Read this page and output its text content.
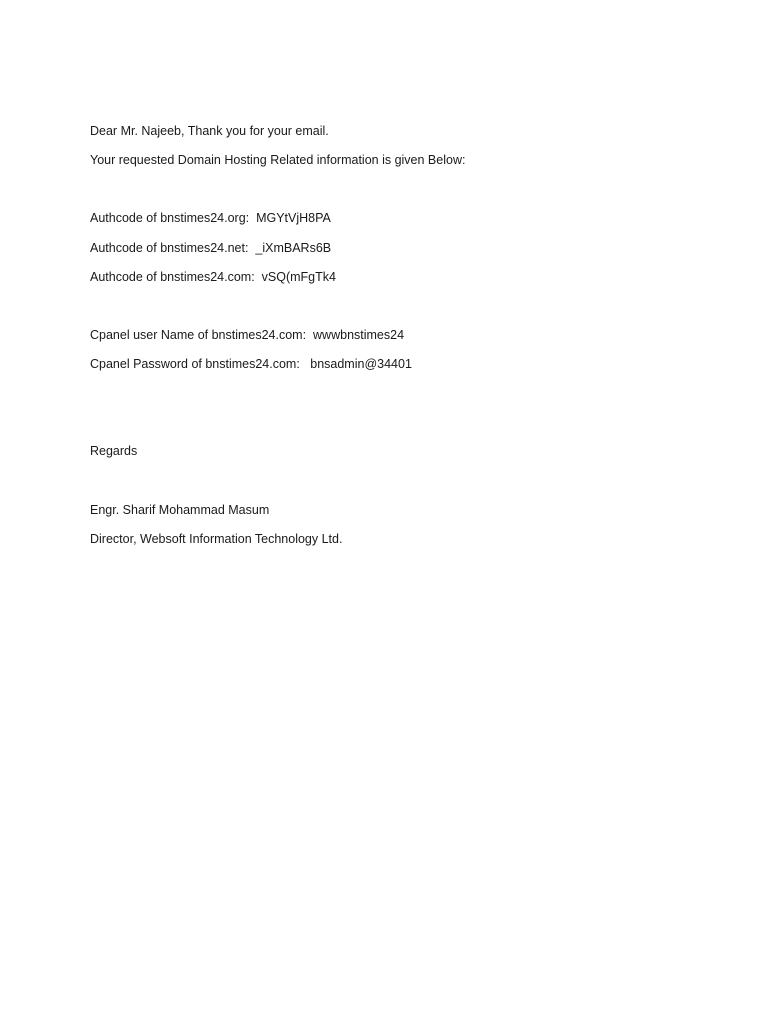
Dear Mr. Najeeb, Thank you for your email.
Your requested Domain Hosting Related information is given Below:
Authcode of bnstimes24.org: MGYtVjH8PA
Authcode of bnstimes24.net: _iXmBARs6B
Authcode of bnstimes24.com: vSQ(mFgTk4
Cpanel user Name of bnstimes24.com: wwwbnstimes24
Cpanel Password of bnstimes24.com: bnsadmin@34401
Regards
Engr. Sharif Mohammad Masum
Director, Websoft Information Technology Ltd.
